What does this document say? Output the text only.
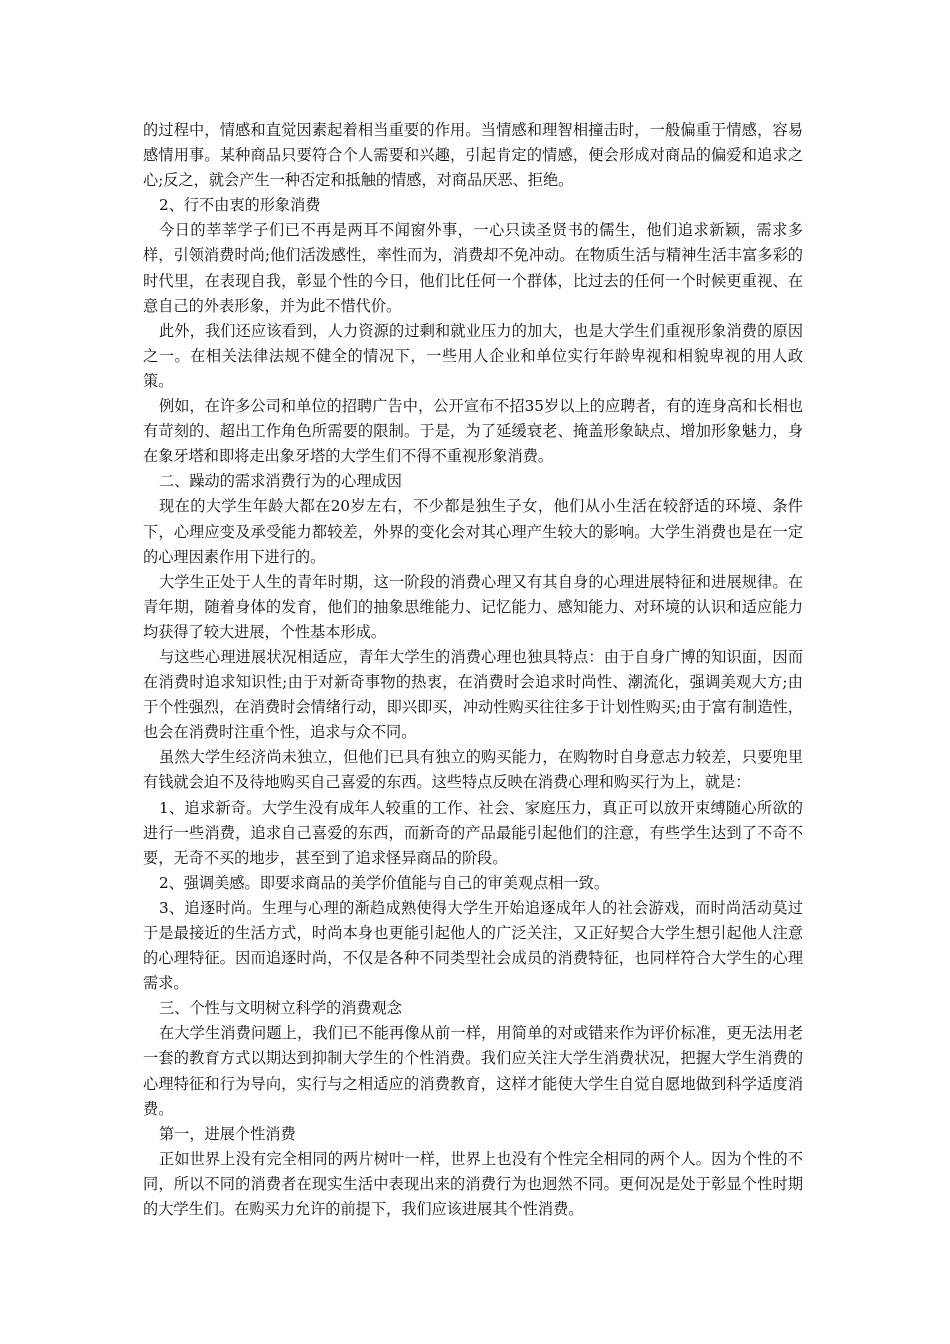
的过程中，情感和直觉因素起着相当重要的作用。当情感和理智相撞击时，一般偏重于情感，容易感情用事。某种商品只要符合个人需要和兴趣，引起肯定的情感，便会形成对商品的偏爱和追求之心;反之，就会产生一种否定和抵触的情感，对商品厌恶、拒绝。

2、行不由衷的形象消费

今日的莘莘学子们已不再是两耳不闻窗外事，一心只读圣贤书的儒生，他们追求新颖，需求多样，引领消费时尚;他们活泼感性，率性而为，消费却不免冲动。在物质生活与精神生活丰富多彩的时代里，在表现自我，彰显个性的今日，他们比任何一个群体，比过去的任何一个时候更重视、在意自己的外表形象，并为此不惜代价。

此外，我们还应该看到，人力资源的过剩和就业压力的加大，也是大学生们重视形象消费的原因之一。在相关法律法规不健全的情况下，一些用人企业和单位实行年龄卑视和相貌卑视的用人政策。

例如，在许多公司和单位的招聘广告中，公开宣布不招35岁以上的应聘者，有的连身高和长相也有苛刻的、超出工作角色所需要的限制。于是，为了延缓衰老、掩盖形象缺点、增加形象魅力，身在象牙塔和即将走出象牙塔的大学生们不得不重视形象消费。

二、躁动的需求消费行为的心理成因

现在的大学生年龄大都在20岁左右，不少都是独生子女，他们从小生活在较舒适的环境、条件下，心理应变及承受能力都较差，外界的变化会对其心理产生较大的影响。大学生消费也是在一定的心理因素作用下进行的。

大学生正处于人生的青年时期，这一阶段的消费心理又有其自身的心理进展特征和进展规律。在青年期，随着身体的发育，他们的抽象思维能力、记忆能力、感知能力、对环境的认识和适应能力均获得了较大进展，个性基本形成。

与这些心理进展状况相适应，青年大学生的消费心理也独具特点：由于自身广博的知识面，因而在消费时追求知识性;由于对新奇事物的热衷，在消费时会追求时尚性、潮流化，强调美观大方;由于个性强烈，在消费时会情绪行动，即兴即买，冲动性购买往往多于计划性购买;由于富有制造性，也会在消费时注重个性，追求与众不同。

虽然大学生经济尚未独立，但他们已具有独立的购买能力，在购物时自身意志力较差，只要兜里有钱就会迫不及待地购买自己喜爱的东西。这些特点反映在消费心理和购买行为上，就是：

1、追求新奇。大学生没有成年人较重的工作、社会、家庭压力，真正可以放开束缚随心所欲的进行一些消费，追求自己喜爱的东西，而新奇的产品最能引起他们的注意，有些学生达到了不奇不要，无奇不买的地步，甚至到了追求怪异商品的阶段。

2、强调美感。即要求商品的美学价值能与自己的审美观点相一致。

3、追逐时尚。生理与心理的渐趋成熟使得大学生开始追逐成年人的社会游戏，而时尚活动莫过于是最接近的生活方式，时尚本身也更能引起他人的广泛关注，又正好契合大学生想引起他人注意的心理特征。因而追逐时尚，不仅是各种不同类型社会成员的消费特征，也同样符合大学生的心理需求。

三、个性与文明树立科学的消费观念

在大学生消费问题上，我们已不能再像从前一样，用简单的对或错来作为评价标准，更无法用老一套的教育方式以期达到抑制大学生的个性消费。我们应关注大学生消费状况，把握大学生消费的心理特征和行为导向，实行与之相适应的消费教育，这样才能使大学生自觉自愿地做到科学适度消费。

第一，进展个性消费

正如世界上没有完全相同的两片树叶一样，世界上也没有个性完全相同的两个人。因为个性的不同，所以不同的消费者在现实生活中表现出来的消费行为也迥然不同。更何况是处于彰显个性时期的大学生们。在购买力允许的前提下，我们应该进展其个性消费。
